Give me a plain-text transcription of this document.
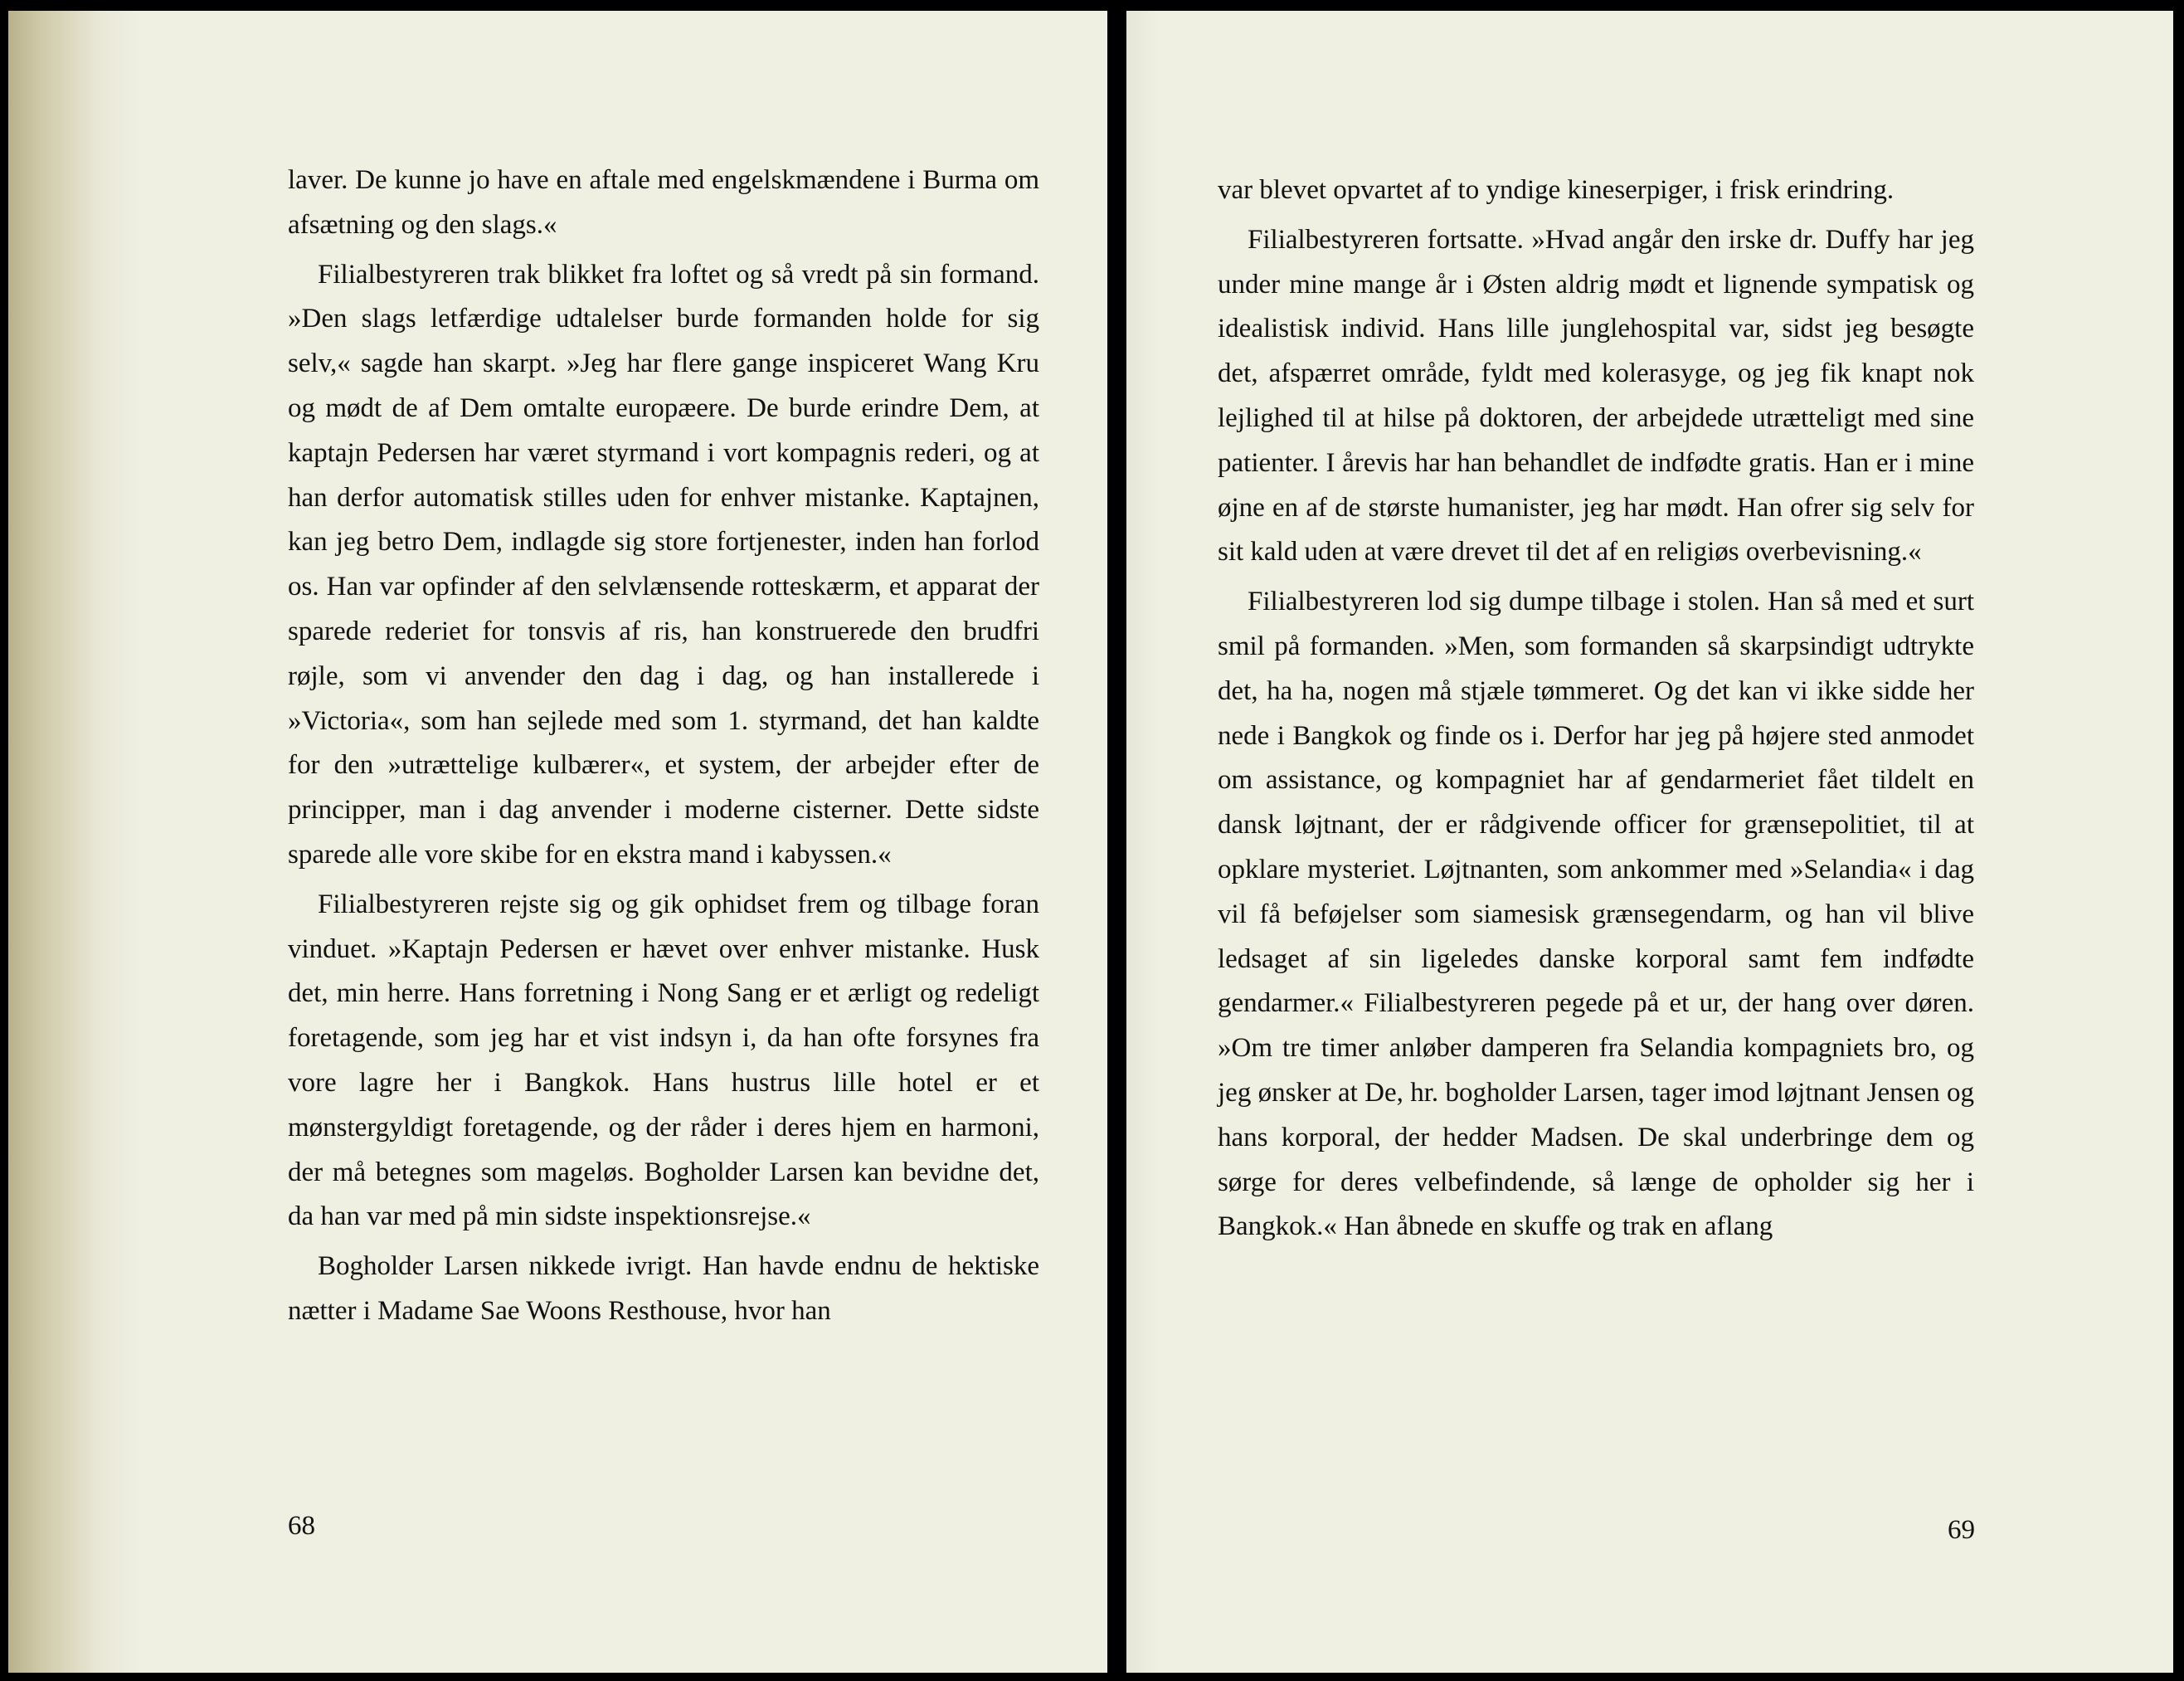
laver. De kunne jo have en aftale med engelskmændene i Burma om afsætning og den slags.«

Filialbestyreren trak blikket fra loftet og så vredt på sin formand. »Den slags letfærdige udtalelser burde formanden holde for sig selv,« sagde han skarpt. »Jeg har flere gange inspiceret Wang Kru og mødt de af Dem omtalte europæere. De burde erindre Dem, at kaptajn Pedersen har været styrmand i vort kompagnis rederi, og at han derfor automatisk stilles uden for enhver mistanke. Kaptajnen, kan jeg betro Dem, indlagde sig store fortjenester, inden han forlod os. Han var opfinder af den selvlænsende rotteskærm, et apparat der sparede rederiet for tonsvis af ris, han konstruerede den brudfri røjle, som vi anvender den dag i dag, og han installerede i »Victoria«, som han sejlede med som 1. styrmand, det han kaldte for den »utrættelige kulbærer«, et system, der arbejder efter de principper, man i dag anvender i moderne cisterner. Dette sidste sparede alle vore skibe for en ekstra mand i kabyssen.«

Filialbestyreren rejste sig og gik ophidset frem og tilbage foran vinduet. »Kaptajn Pedersen er hævet over enhver mistanke. Husk det, min herre. Hans forretning i Nong Sang er et ærligt og redeligt foretagende, som jeg har et vist indsyn i, da han ofte forsynes fra vore lagre her i Bangkok. Hans hustrus lille hotel er et mønstergyldigt foretagende, og der råder i deres hjem en harmoni, der må betegnes som mageløs. Bogholder Larsen kan bevidne det, da han var med på min sidste inspektionsrejse.«

Bogholder Larsen nikkede ivrigt. Han havde endnu de hektiske nætter i Madame Sae Woons Resthouse, hvor han

68

var blevet opvartet af to yndige kineserpiger, i frisk erindring.

Filialbestyreren fortsatte. »Hvad angår den irske dr. Duffy har jeg under mine mange år i Østen aldrig mødt et lignende sympatisk og idealistisk individ. Hans lille junglehospital var, sidst jeg besøgte det, afspærret område, fyldt med kolerasyge, og jeg fik knapt nok lejlighed til at hilse på doktoren, der arbejdede utrætteligt med sine patienter. I årevis har han behandlet de indfødte gratis. Han er i mine øjne en af de største humanister, jeg har mødt. Han ofrer sig selv for sit kald uden at være drevet til det af en religiøs overbevisning.«

Filialbestyreren lod sig dumpe tilbage i stolen. Han så med et surt smil på formanden. »Men, som formanden så skarpsindigt udtrykte det, ha ha, nogen må stjæle tømmeret. Og det kan vi ikke sidde her nede i Bangkok og finde os i. Derfor har jeg på højere sted anmodet om assistance, og kompagniet har af gendarmeriet fået tildelt en dansk løjtnant, der er rådgivende officer for grænsepolitiet, til at opklare mysteriet. Løjtnanten, som ankommer med »Selandia« i dag vil få beføjelser som siamesisk grænsegendarm, og han vil blive ledsaget af sin ligeledes danske korporal samt fem indfødte gendarmer.« Filialbestyreren pegede på et ur, der hang over døren. »Om tre timer anløber damperen fra Selandia kompagniets bro, og jeg ønsker at De, hr. bogholder Larsen, tager imod løjtnant Jensen og hans korporal, der hedder Madsen. De skal underbringe dem og sørge for deres velbefindende, så længe de opholder sig her i Bangkok.« Han åbnede en skuffe og trak en aflang

69
